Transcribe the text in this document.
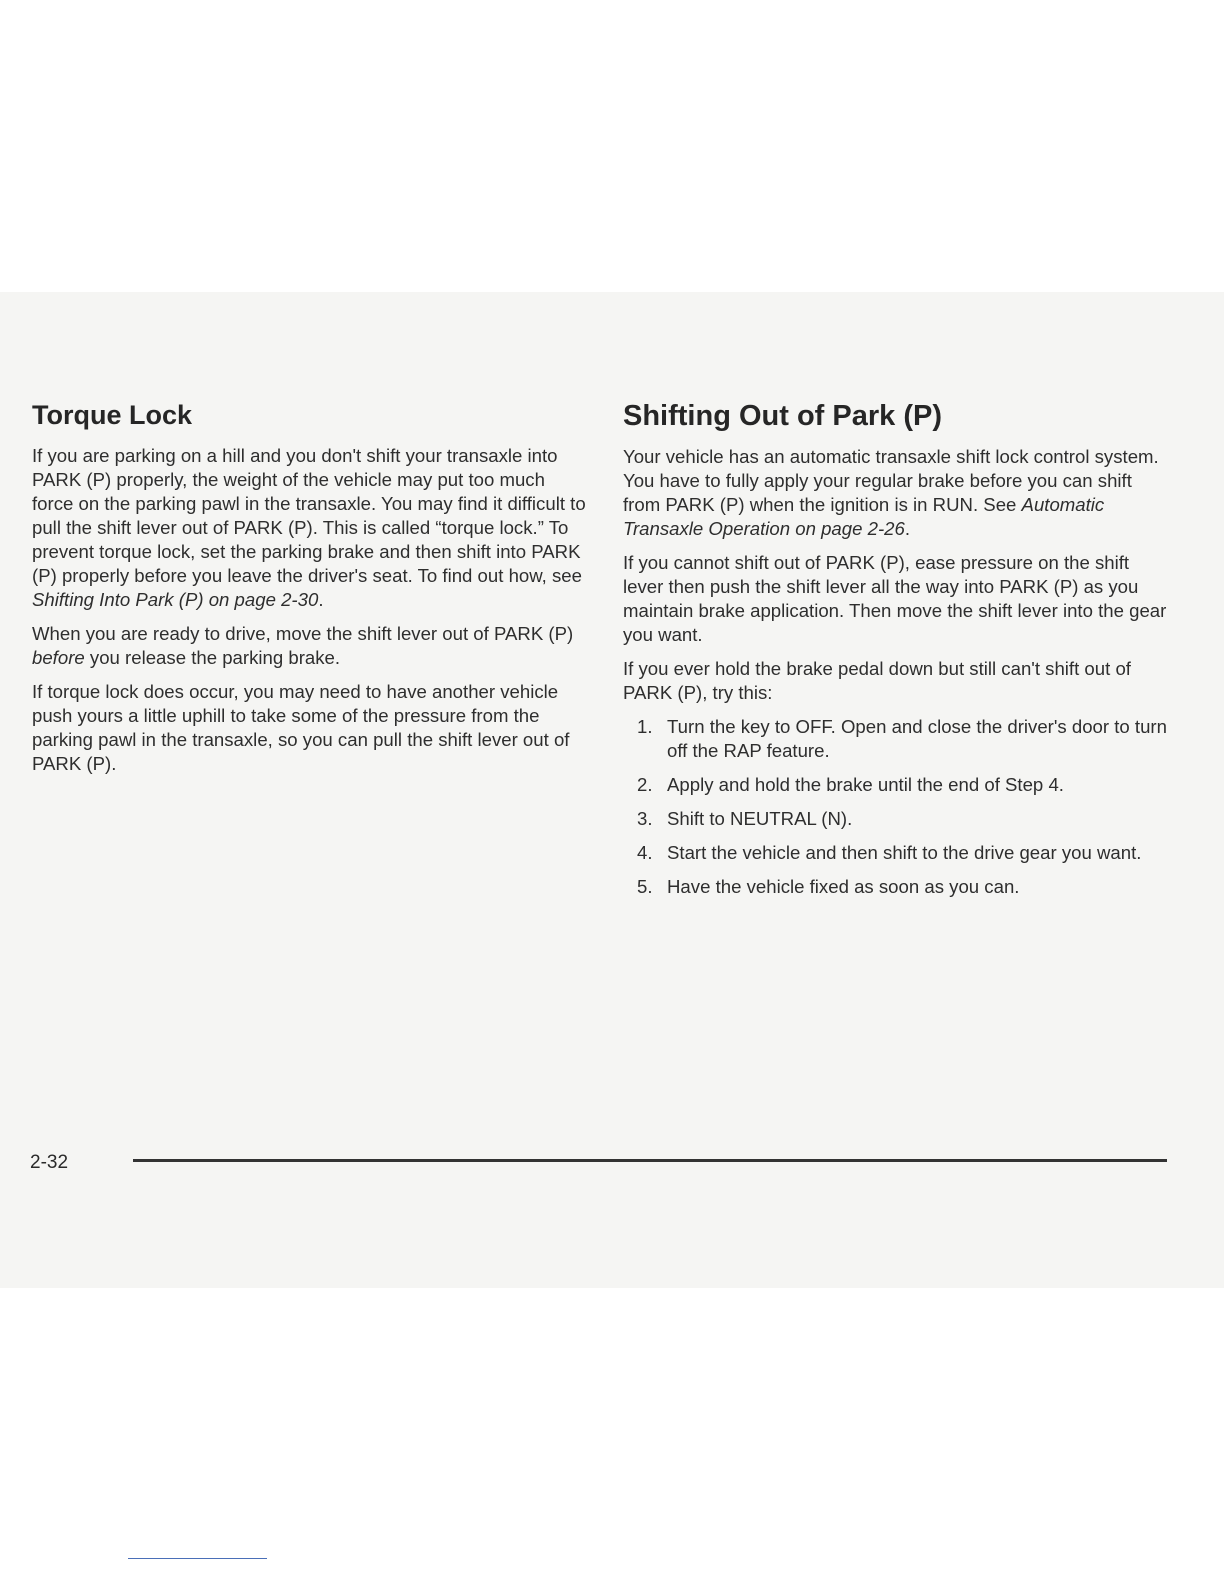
Torque Lock

If you are parking on a hill and you don't shift your transaxle into PARK (P) properly, the weight of the vehicle may put too much force on the parking pawl in the transaxle. You may find it difficult to pull the shift lever out of PARK (P). This is called “torque lock.” To prevent torque lock, set the parking brake and then shift into PARK (P) properly before you leave the driver's seat. To find out how, see Shifting Into Park (P) on page 2-30.

When you are ready to drive, move the shift lever out of PARK (P) before you release the parking brake.

If torque lock does occur, you may need to have another vehicle push yours a little uphill to take some of the pressure from the parking pawl in the transaxle, so you can pull the shift lever out of PARK (P).

Shifting Out of Park (P)

Your vehicle has an automatic transaxle shift lock control system. You have to fully apply your regular brake before you can shift from PARK (P) when the ignition is in RUN. See Automatic Transaxle Operation on page 2-26.

If you cannot shift out of PARK (P), ease pressure on the shift lever then push the shift lever all the way into PARK (P) as you maintain brake application. Then move the shift lever into the gear you want.

If you ever hold the brake pedal down but still can't shift out of PARK (P), try this:

1. Turn the key to OFF. Open and close the driver's door to turn off the RAP feature.
2. Apply and hold the brake until the end of Step 4.
3. Shift to NEUTRAL (N).
4. Start the vehicle and then shift to the drive gear you want.
5. Have the vehicle fixed as soon as you can.
2-32
